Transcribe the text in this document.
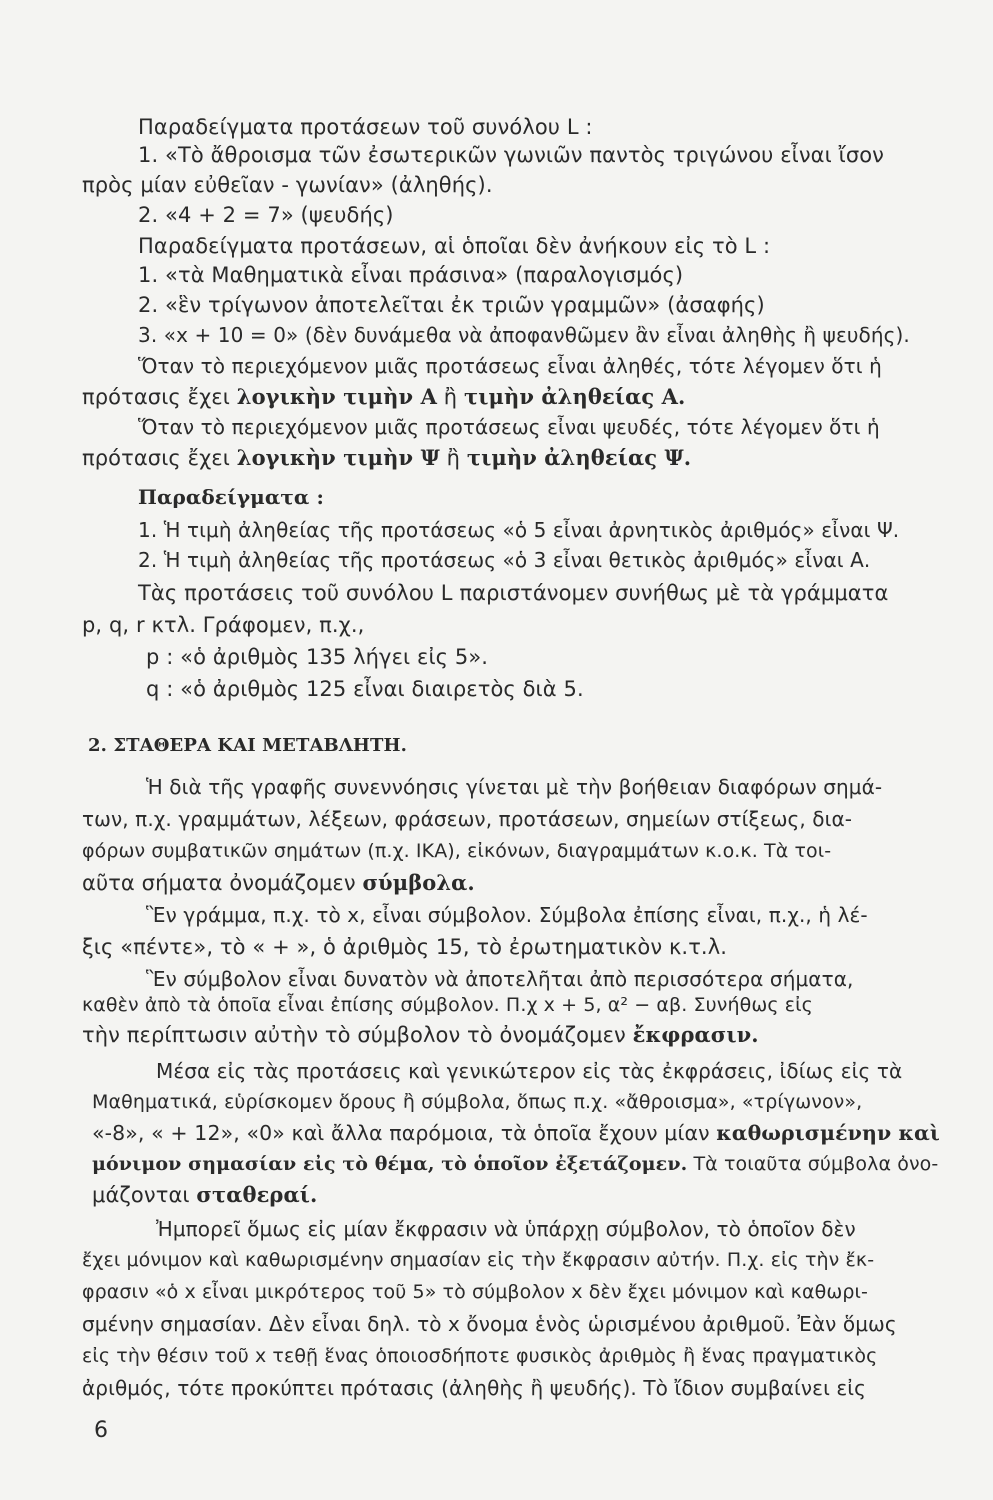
Παραδείγματα προτάσεων τοῦ συνόλου L :
1. «Τὸ ἄθροισμα τῶν ἐσωτερικῶν γωνιῶν παντὸς τριγώνου εἶναι ἴσον
πρὸς μίαν εὐθεῖαν - γωνίαν» (ἀληθής).
2. «4 + 2 = 7» (ψευδής)
Παραδείγματα προτάσεων, αἱ ὁποῖαι δὲν ἀνήκουν εἰς τὸ L :
1. «τὰ Μαθηματικὰ εἶναι πράσινα» (παραλογισμός)
2. «ἓν τρίγωνον ἀποτελεῖται ἐκ τριῶν γραμμῶν» (ἀσαφής)
3. «x + 10 = 0» (δὲν δυνάμεθα νὰ ἀποφανθῶμεν ἂν εἶναι ἀληθὴς ἢ ψευδής).
Ὅταν τὸ περιεχόμενον μιᾶς προτάσεως εἶναι ἀληθές, τότε λέγομεν ὅτι ἡ
πρότασις ἔχει λογικὴν τιμὴν Α ἢ τιμὴν ἀληθείας Α.
Ὅταν τὸ περιεχόμενον μιᾶς προτάσεως εἶναι ψευδές, τότε λέγομεν ὅτι ἡ
πρότασις ἔχει λογικὴν τιμὴν Ψ ἢ τιμὴν ἀληθείας Ψ.
Παραδείγματα :
1. Ἡ τιμὴ ἀληθείας τῆς προτάσεως «ὁ 5 εἶναι ἀρνητικὸς ἀριθμός» εἶναι Ψ.
2. Ἡ τιμὴ ἀληθείας τῆς προτάσεως «ὁ 3 εἶναι θετικὸς ἀριθμός» εἶναι Α.
Τὰς προτάσεις τοῦ συνόλου L παριστάνομεν συνήθως μὲ τὰ γράμματα
p, q, r κτλ. Γράφομεν, π.χ.,
p : «ὁ ἀριθμὸς 135 λήγει εἰς 5».
q : «ὁ ἀριθμὸς 125 εἶναι διαιρετὸς διὰ 5.
2. ΣΤΑΘΕΡΑ ΚΑΙ ΜΕΤΑΒΛΗΤΗ.
Ἡ διὰ τῆς γραφῆς συνεννόησις γίνεται μὲ τὴν βοήθειαν διαφόρων σημά-
των, π.χ. γραμμάτων, λέξεων, φράσεων, προτάσεων, σημείων στίξεως, δια-
φόρων συμβατικῶν σημάτων (π.χ. ΙΚΑ), εἰκόνων, διαγραμμάτων κ.ο.κ. Τὰ τοι-
αῦτα σήματα ὀνομάζομεν σύμβολα.
Ἓν γράμμα, π.χ. τὸ x, εἶναι σύμβολον. Σύμβολα ἐπίσης εἶναι, π.χ., ἡ λέ-
ξις «πέντε», τὸ « + », ὁ ἀριθμὸς 15, τὸ ἐρωτηματικὸν κ.τ.λ.
Ἓν σύμβολον εἶναι δυνατὸν νὰ ἀποτελῆται ἀπὸ περισσότερα σήματα,
καθὲν ἀπὸ τὰ ὁποῖα εἶναι ἐπίσης σύμβολον. Π.χ x + 5, α² − αβ. Συνήθως εἰς
τὴν περίπτωσιν αὐτὴν τὸ σύμβολον τὸ ὀνομάζομεν ἔκφρασιν.
Μέσα εἰς τὰς προτάσεις καὶ γενικώτερον εἰς τὰς ἐκφράσεις, ἰδίως εἰς τὰ
Μαθηματικά, εὑρίσκομεν ὅρους ἢ σύμβολα, ὅπως π.χ. «ἄθροισμα», «τρίγωνον»,
«-8», « + 12», «0» καὶ ἄλλα παρόμοια, τὰ ὁποῖα ἔχουν μίαν καθωρισμένην καὶ
μόνιμον σημασίαν εἰς τὸ θέμα, τὸ ὁποῖον ἐξετάζομεν. Τὰ τοιαῦτα σύμβολα ὀνο-
μάζονται σταθεραί.
Ἠμπορεῖ ὅμως εἰς μίαν ἔκφρασιν νὰ ὑπάρχῃ σύμβολον, τὸ ὁποῖον δὲν
ἔχει μόνιμον καὶ καθωρισμένην σημασίαν εἰς τὴν ἔκφρασιν αὐτήν. Π.χ. εἰς τὴν ἔκ-
φρασιν «ὁ x εἶναι μικρότερος τοῦ 5» τὸ σύμβολον x δὲν ἔχει μόνιμον καὶ καθωρι-
σμένην σημασίαν. Δὲν εἶναι δηλ. τὸ x ὄνομα ἑνὸς ὡρισμένου ἀριθμοῦ. Ἐὰν ὅμως
εἰς τὴν θέσιν τοῦ x τεθῇ ἕνας ὁποιοσδήποτε φυσικὸς ἀριθμὸς ἢ ἕνας πραγματικὸς
ἀριθμός, τότε προκύπτει πρότασις (ἀληθὴς ἢ ψευδής). Τὸ ἴδιον συμβαίνει εἰς
6
